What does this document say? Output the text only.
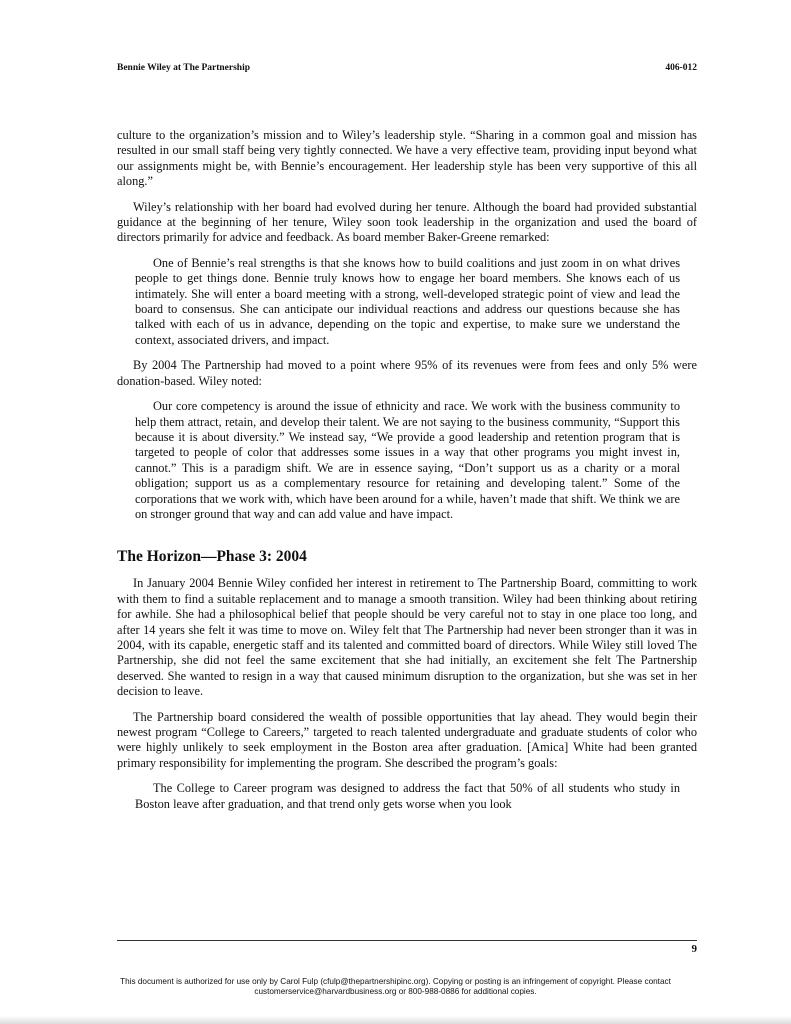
Bennie Wiley at The Partnership	406-012

culture to the organization’s mission and to Wiley’s leadership style. “Sharing in a common goal and mission has resulted in our small staff being very tightly connected. We have a very effective team, providing input beyond what our assignments might be, with Bennie’s encouragement. Her leadership style has been very supportive of this all along.”

Wiley’s relationship with her board had evolved during her tenure. Although the board had provided substantial guidance at the beginning of her tenure, Wiley soon took leadership in the organization and used the board of directors primarily for advice and feedback. As board member Baker-Greene remarked:

One of Bennie’s real strengths is that she knows how to build coalitions and just zoom in on what drives people to get things done. Bennie truly knows how to engage her board members. She knows each of us intimately. She will enter a board meeting with a strong, well-developed strategic point of view and lead the board to consensus. She can anticipate our individual reactions and address our questions because she has talked with each of us in advance, depending on the topic and expertise, to make sure we understand the context, associated drivers, and impact.

By 2004 The Partnership had moved to a point where 95% of its revenues were from fees and only 5% were donation-based. Wiley noted:

Our core competency is around the issue of ethnicity and race. We work with the business community to help them attract, retain, and develop their talent. We are not saying to the business community, “Support this because it is about diversity.” We instead say, “We provide a good leadership and retention program that is targeted to people of color that addresses some issues in a way that other programs you might invest in, cannot.” This is a paradigm shift. We are in essence saying, “Don’t support us as a charity or a moral obligation; support us as a complementary resource for retaining and developing talent.” Some of the corporations that we work with, which have been around for a while, haven’t made that shift. We think we are on stronger ground that way and can add value and have impact.

The Horizon—Phase 3: 2004

In January 2004 Bennie Wiley confided her interest in retirement to The Partnership Board, committing to work with them to find a suitable replacement and to manage a smooth transition. Wiley had been thinking about retiring for awhile. She had a philosophical belief that people should be very careful not to stay in one place too long, and after 14 years she felt it was time to move on. Wiley felt that The Partnership had never been stronger than it was in 2004, with its capable, energetic staff and its talented and committed board of directors. While Wiley still loved The Partnership, she did not feel the same excitement that she had initially, an excitement she felt The Partnership deserved. She wanted to resign in a way that caused minimum disruption to the organization, but she was set in her decision to leave.

The Partnership board considered the wealth of possible opportunities that lay ahead. They would begin their newest program “College to Careers,” targeted to reach talented undergraduate and graduate students of color who were highly unlikely to seek employment in the Boston area after graduation. [Amica] White had been granted primary responsibility for implementing the program. She described the program’s goals:

The College to Career program was designed to address the fact that 50% of all students who study in Boston leave after graduation, and that trend only gets worse when you look

9
This document is authorized for use only by Carol Fulp (cfulp@thepartnershipinc.org). Copying or posting is an infringement of copyright. Please contact
customerservice@harvardbusiness.org or 800-988-0886 for additional copies.
